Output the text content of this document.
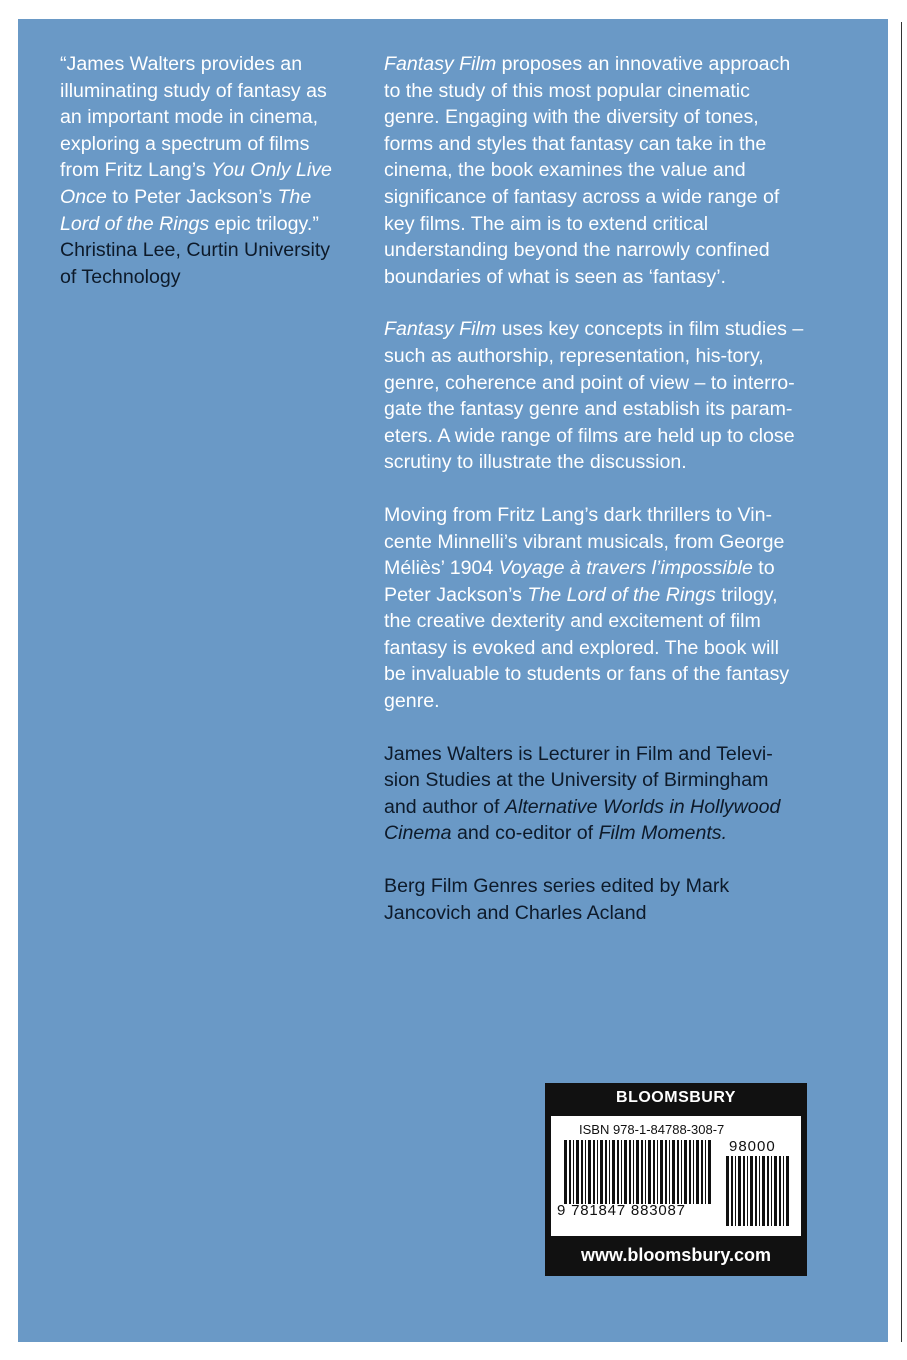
“James Walters provides an illuminating study of fantasy as an important mode in cinema, exploring a spectrum of films from Fritz Lang’s You Only Live Once to Peter Jackson’s The Lord of the Rings epic trilogy.”
Christina Lee, Curtin University of Technology

Fantasy Film proposes an innovative approach to the study of this most popular cinematic genre. Engaging with the diversity of tones, forms and styles that fantasy can take in the cinema, the book examines the value and significance of fantasy across a wide range of key films. The aim is to extend critical understanding beyond the narrowly confined boundaries of what is seen as ‘fantasy’.

Fantasy Film uses key concepts in film studies – such as authorship, representation, his-tory, genre, coherence and point of view – to interro-gate the fantasy genre and establish its param-eters. A wide range of films are held up to close scrutiny to illustrate the discussion.

Moving from Fritz Lang’s dark thrillers to Vin-cente Minnelli’s vibrant musicals, from George Méliès’ 1904 Voyage à travers l’impossible to Peter Jackson’s The Lord of the Rings trilogy, the creative dexterity and excitement of film fantasy is evoked and explored. The book will be invaluable to students or fans of the fantasy genre.

James Walters is Lecturer in Film and Televi-sion Studies at the University of Birmingham and author of Alternative Worlds in Hollywood Cinema and co-editor of Film Moments.

Berg Film Genres series edited by Mark Jancovich and Charles Acland

BLOOMSBURY
ISBN 978-1-84788-308-7
9 781847 883087
98000
www.bloomsbury.com
